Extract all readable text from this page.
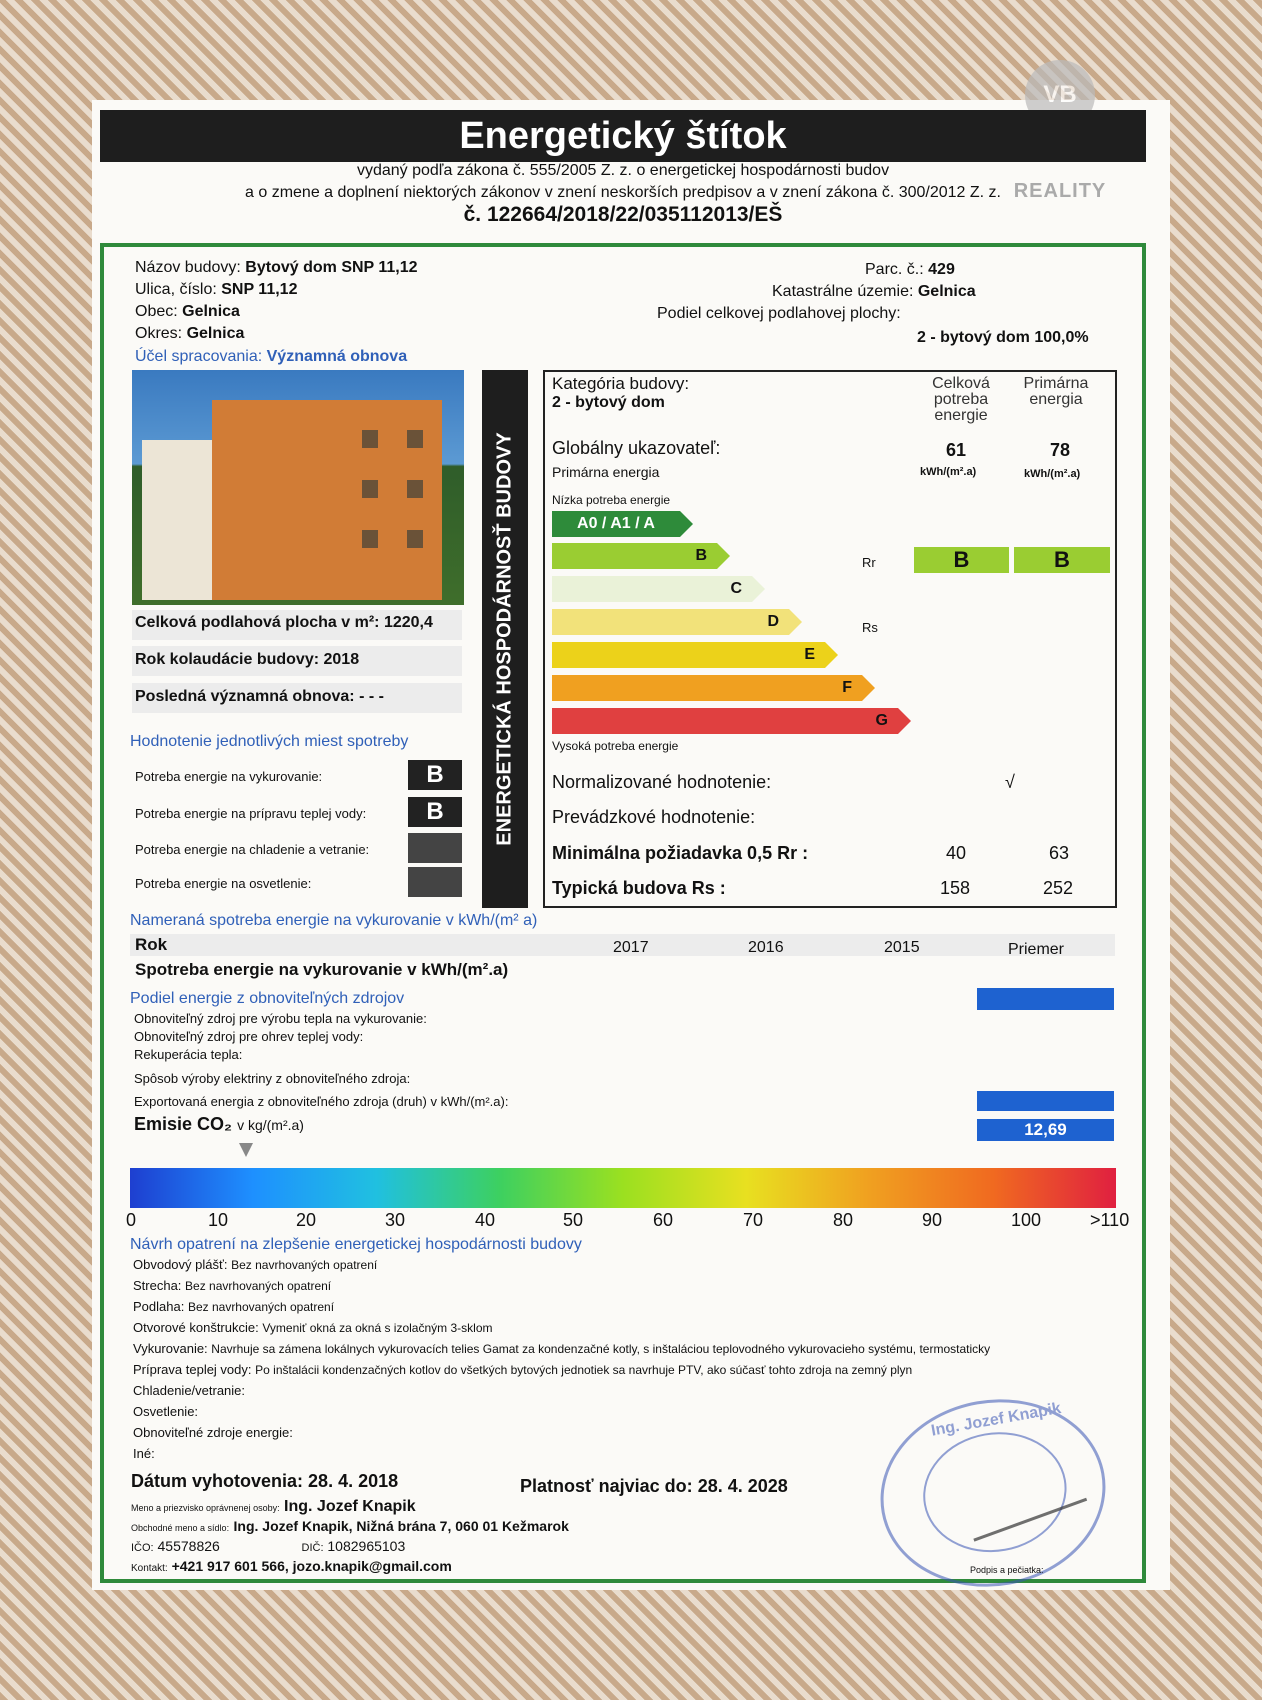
VB
REALITY
Energetický štítok
vydaný podľa zákona č. 555/2005 Z. z. o energetickej hospodárnosti budov
a o zmene a doplnení niektorých zákonov v znení neskorších predpisov a v znení zákona č. 300/2012 Z. z.
č. 122664/2018/22/035112013/EŠ
Názov budovy: Bytový dom SNP 11,12
Ulica, číslo: SNP 11,12
Obec: Gelnica
Okres: Gelnica
Účel spracovania: Významná obnova
Parc. č.: 429
Katastrálne územie: Gelnica
Podiel celkovej podlahovej plochy:
2 - bytový dom 100,0%
Celková podlahová plocha v m²: 1220,4
Rok kolaudácie budovy: 2018
Posledná významná obnova: - - -
Hodnotenie jednotlivých miest spotreby
Potreba energie na vykurovanie:	B
Potreba energie na prípravu teplej vody:	B
Potreba energie na chladenie a vetranie:
Potreba energie na osvetlenie:
ENERGETICKÁ HOSPODÁRNOSŤ BUDOVY
Kategória budovy:
2 - bytový dom
Celková potreba energie
Primárna energia
Globálny ukazovateľ:
Primárna energia
61	78
kWh/(m².a)	kWh/(m².a)
Nízka potreba energie
A0 / A1 / A
B
C
D
E
F
G
Rr
Rs
B	B
Vysoká potreba energie
Normalizované hodnotenie:	√
Prevádzkové hodnotenie:
Minimálna požiadavka 0,5 Rr :	40	63
Typická budova Rs :	158	252
Nameraná spotreba energie na vykurovanie v kWh/(m² a)
Rok	2017	2016	2015	Priemer
Spotreba energie na vykurovanie v kWh/(m².a)
Podiel energie z obnoviteľných zdrojov
Obnoviteľný zdroj pre výrobu tepla na vykurovanie:
Obnoviteľný zdroj pre ohrev teplej vody:
Rekuperácia tepla:
Spôsob výroby elektriny z obnoviteľného zdroja:
Exportovaná energia z obnoviteľného zdroja (druh) v kWh/(m².a):
Emisie CO₂ v kg/(m².a)	12,69
0	10	20	30	40	50	60	70	80	90	100	>110
Návrh opatrení na zlepšenie energetickej hospodárnosti budovy
Obvodový plášť: Bez navrhovaných opatrení
Strecha: Bez navrhovaných opatrení
Podlaha: Bez navrhovaných opatrení
Otvorové konštrukcie: Vymeniť okná za okná s izolačným 3-sklom
Vykurovanie: Navrhuje sa zámena lokálnych vykurovacích telies Gamat za kondenzačné kotly, s inštaláciou teplovodného vykurovacieho systému, termostaticky
Príprava teplej vody: Po inštalácii kondenzačných kotlov do všetkých bytových jednotiek sa navrhuje PTV, ako súčasť tohto zdroja na zemný plyn
Chladenie/vetranie:
Osvetlenie:
Obnoviteľné zdroje energie:
Iné:
Dátum vyhotovenia: 28. 4. 2018	Platnosť najviac do: 28. 4. 2028
Meno a priezvisko oprávnenej osoby: Ing. Jozef Knapik
Obchodné meno a sídlo: Ing. Jozef Knapik, Nižná brána 7, 060 01 Kežmarok
IČO: 45578826	DIČ: 1082965103
Kontakt: +421 917 601 566, jozo.knapik@gmail.com
Ing. Jozef Knapik
Podpis a pečiatka:
